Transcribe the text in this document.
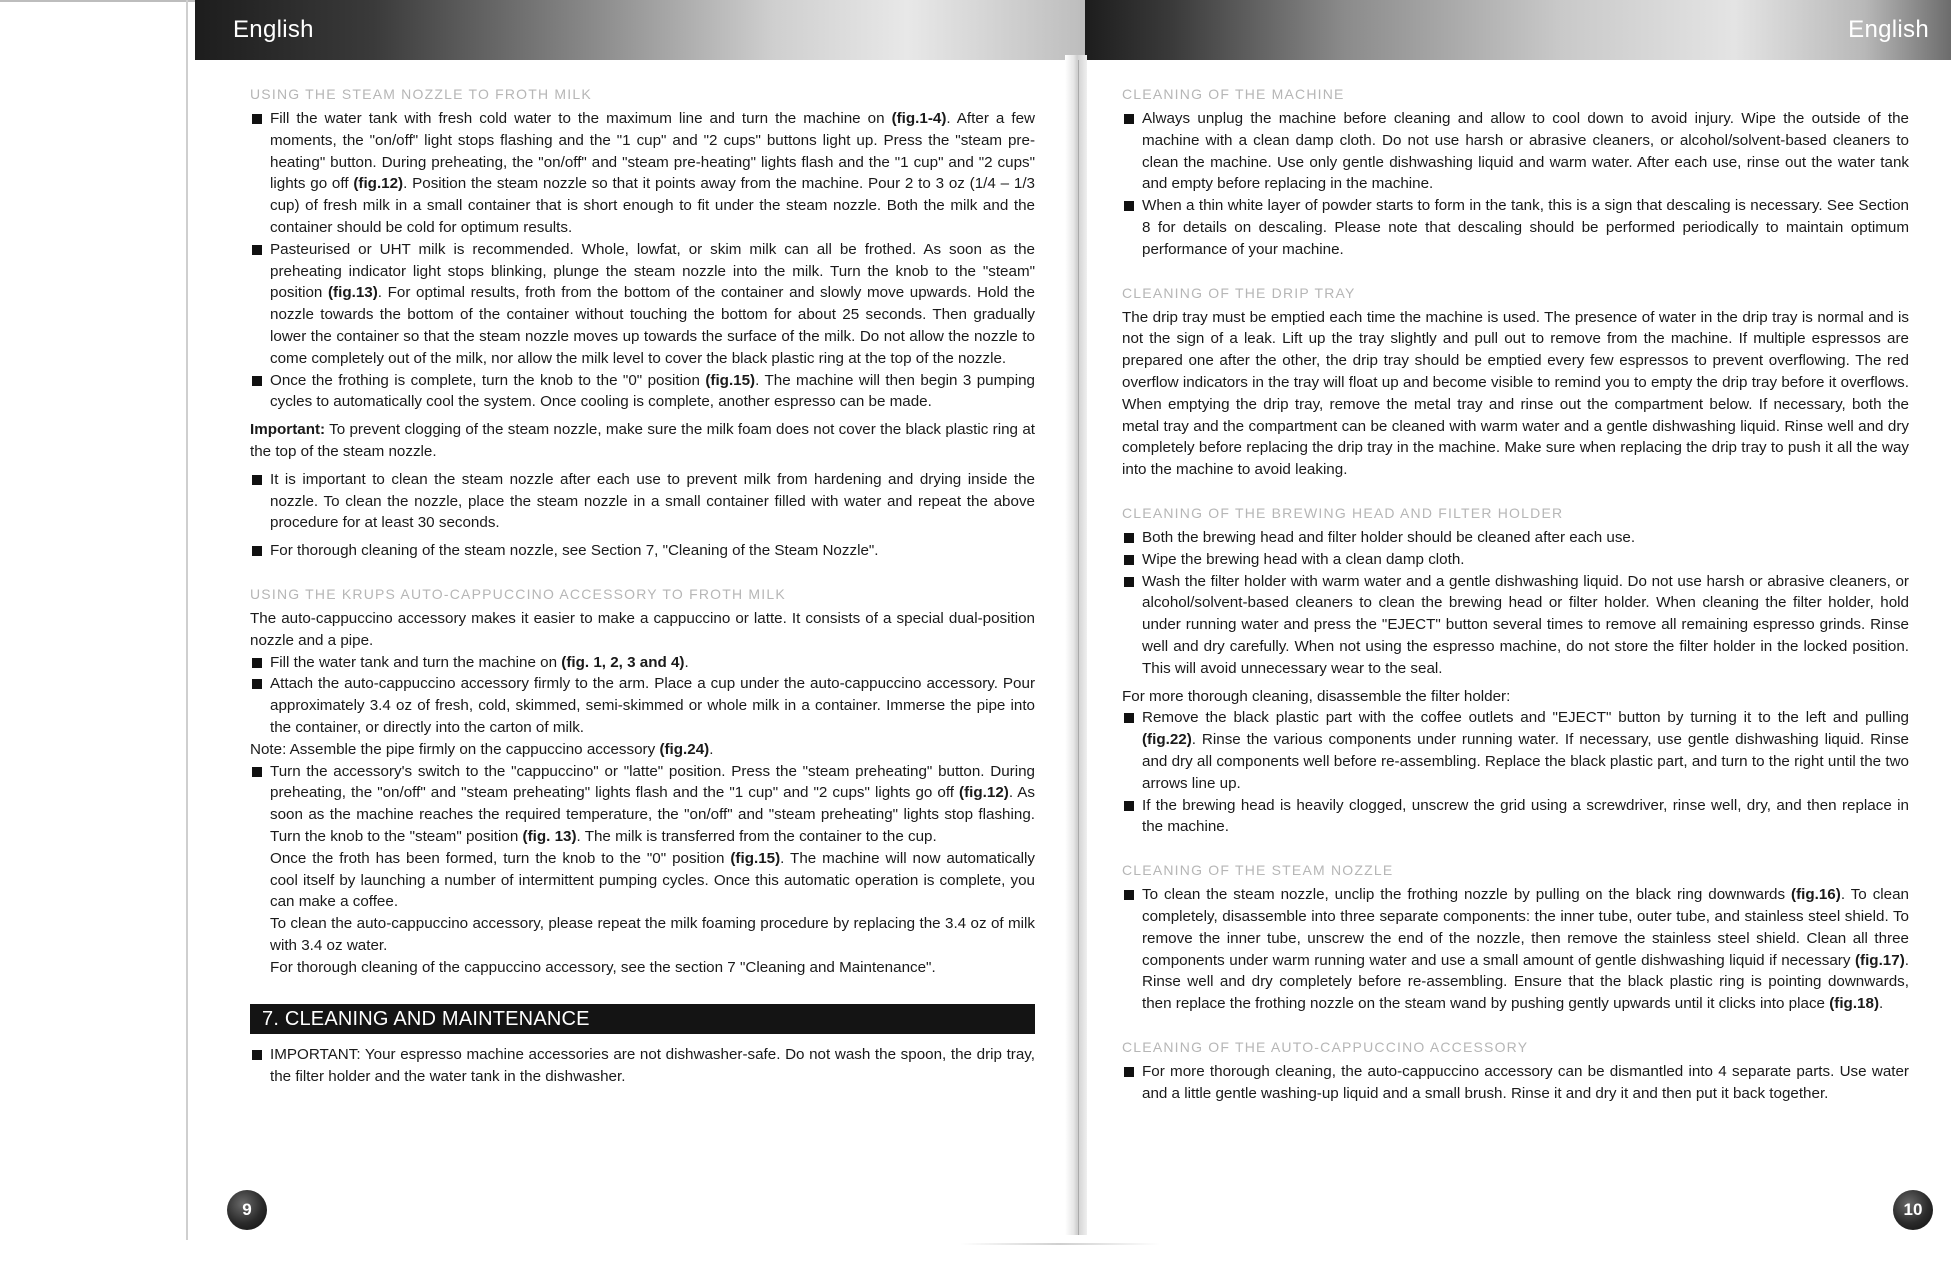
English	English
USING THE STEAM NOZZLE TO FROTH MILK
Fill the water tank with fresh cold water to the maximum line and turn the machine on (fig.1-4). After a few moments, the "on/off" light stops flashing and the "1 cup" and "2 cups" buttons light up. Press the "steam pre-heating" button. During preheating, the "on/off" and "steam pre-heating" lights flash and the "1 cup" and "2 cups" lights go off (fig.12). Position the steam nozzle so that it points away from the machine. Pour 2 to 3 oz (1/4 – 1/3 cup) of fresh milk in a small container that is short enough to fit under the steam nozzle. Both the milk and the container should be cold for optimum results.
Pasteurised or UHT milk is recommended. Whole, lowfat, or skim milk can all be frothed. As soon as the preheating indicator light stops blinking, plunge the steam nozzle into the milk. Turn the knob to the "steam" position (fig.13). For optimal results, froth from the bottom of the container and slowly move upwards. Hold the nozzle towards the bottom of the container without touching the bottom for about 25 seconds. Then gradually lower the container so that the steam nozzle moves up towards the surface of the milk. Do not allow the nozzle to come completely out of the milk, nor allow the milk level to cover the black plastic ring at the top of the nozzle.
Once the frothing is complete, turn the knob to the "0" position (fig.15). The machine will then begin 3 pumping cycles to automatically cool the system. Once cooling is complete, another espresso can be made.

Important: To prevent clogging of the steam nozzle, make sure the milk foam does not cover the black plastic ring at the top of the steam nozzle.

It is important to clean the steam nozzle after each use to prevent milk from hardening and drying inside the nozzle. To clean the nozzle, place the steam nozzle in a small container filled with water and repeat the above procedure for at least 30 seconds.
For thorough cleaning of the steam nozzle, see Section 7, "Cleaning of the Steam Nozzle".
USING THE KRUPS AUTO-CAPPUCCINO ACCESSORY TO FROTH MILK

The auto-cappuccino accessory makes it easier to make a cappuccino or latte. It consists of a special dual-position nozzle and a pipe.

Fill the water tank and turn the machine on (fig. 1, 2, 3 and 4).
Attach the auto-cappuccino accessory firmly to the arm. Place a cup under the auto-cappuccino accessory. Pour approximately 3.4 oz of fresh, cold, skimmed, semi-skimmed or whole milk in a container. Immerse the pipe into the container, or directly into the carton of milk.

Note: Assemble the pipe firmly on the cappuccino accessory (fig.24).

Turn the accessory's switch to the "cappuccino" or "latte" position. Press the "steam preheating" button. During preheating, the "on/off" and "steam preheating" lights flash and the "1 cup" and "2 cups" lights go off (fig.12). As soon as the machine reaches the required temperature, the "on/off" and "steam preheating" lights stop flashing. Turn the knob to the "steam" position (fig. 13). The milk is transferred from the container to the cup.

Once the froth has been formed, turn the knob to the "0" position (fig.15). The machine will now automatically cool itself by launching a number of intermittent pumping cycles. Once this automatic operation is complete, you can make a coffee.

To clean the auto-cappuccino accessory, please repeat the milk foaming procedure by replacing the 3.4 oz of milk with 3.4 oz water.

For thorough cleaning of the cappuccino accessory, see the section 7 "Cleaning and Maintenance".

7. CLEANING AND MAINTENANCE
IMPORTANT: Your espresso machine accessories are not dishwasher-safe. Do not wash the spoon, the drip tray, the filter holder and the water tank in the dishwasher.
CLEANING OF THE MACHINE
Always unplug the machine before cleaning and allow to cool down to avoid injury. Wipe the outside of the machine with a clean damp cloth. Do not use harsh or abrasive cleaners, or alcohol/solvent-based cleaners to clean the machine. Use only gentle dishwashing liquid and warm water. After each use, rinse out the water tank and empty before replacing in the machine.
When a thin white layer of powder starts to form in the tank, this is a sign that descaling is necessary. See Section 8 for details on descaling. Please note that descaling should be performed periodically to maintain optimum performance of your machine.
CLEANING OF THE DRIP TRAY

The drip tray must be emptied each time the machine is used. The presence of water in the drip tray is normal and is not the sign of a leak. Lift up the tray slightly and pull out to remove from the machine. If multiple espressos are prepared one after the other, the drip tray should be emptied every few espressos to prevent overflowing. The red overflow indicators in the tray will float up and become visible to remind you to empty the drip tray before it overflows. When emptying the drip tray, remove the metal tray and rinse out the compartment below. If necessary, both the metal tray and the compartment can be cleaned with warm water and a gentle dishwashing liquid. Rinse well and dry completely before replacing the drip tray in the machine. Make sure when replacing the drip tray to push it all the way into the machine to avoid leaking.

CLEANING OF THE BREWING HEAD AND FILTER HOLDER
Both the brewing head and filter holder should be cleaned after each use.
Wipe the brewing head with a clean damp cloth.
Wash the filter holder with warm water and a gentle dishwashing liquid. Do not use harsh or abrasive cleaners, or alcohol/solvent-based cleaners to clean the brewing head or filter holder. When cleaning the filter holder, hold under running water and press the "EJECT" button several times to remove all remaining espresso grinds. Rinse well and dry carefully. When not using the espresso machine, do not store the filter holder in the locked position. This will avoid unnecessary wear to the seal.

For more thorough cleaning, disassemble the filter holder:

Remove the black plastic part with the coffee outlets and "EJECT" button by turning it to the left and pulling (fig.22). Rinse the various components under running water. If necessary, use gentle dishwashing liquid. Rinse and dry all components well before re-assembling. Replace the black plastic part, and turn to the right until the two arrows line up.
If the brewing head is heavily clogged, unscrew the grid using a screwdriver, rinse well, dry, and then replace in the machine.
CLEANING OF THE STEAM NOZZLE
To clean the steam nozzle, unclip the frothing nozzle by pulling on the black ring downwards (fig.16). To clean completely, disassemble into three separate components: the inner tube, outer tube, and stainless steel shield. To remove the inner tube, unscrew the end of the nozzle, then remove the stainless steel shield. Clean all three components under warm running water and use a small amount of gentle dishwashing liquid if necessary (fig.17). Rinse well and dry completely before re-assembling. Ensure that the black plastic ring is pointing downwards, then replace the frothing nozzle on the steam wand by pushing gently upwards until it clicks into place (fig.18).
CLEANING OF THE AUTO-CAPPUCCINO ACCESSORY
For more thorough cleaning, the auto-cappuccino accessory can be dismantled into 4 separate parts. Use water and a little gentle washing-up liquid and a small brush. Rinse it and dry it and then put it back together.
9	10
